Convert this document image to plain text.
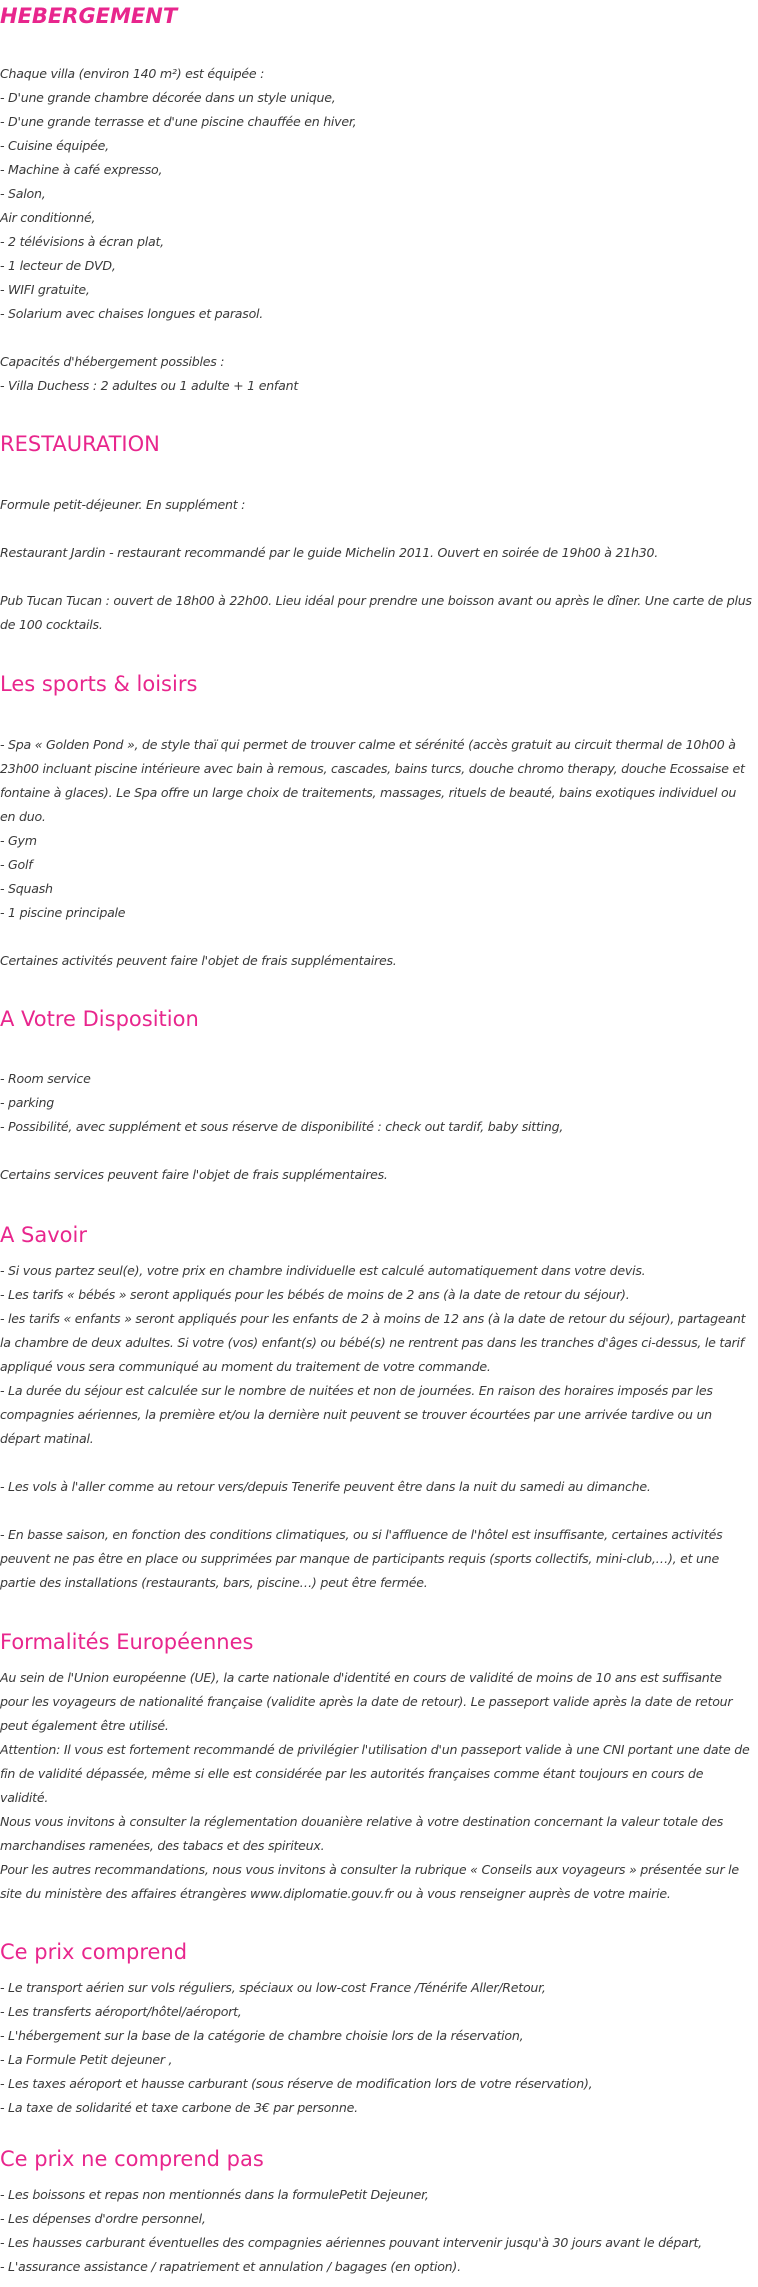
HEBERGEMENT

Chaque villa (environ 140 m²) est équipée :
- D'une grande chambre décorée dans un style unique,
- D'une grande terrasse et d'une piscine chauffée en hiver,
- Cuisine équipée,
- Machine à café expresso,
- Salon,
Air conditionné,
- 2 télévisions à écran plat,
- 1 lecteur de DVD,
- WIFI gratuite,
- Solarium avec chaises longues et parasol.

Capacités d'hébergement possibles :
- Villa Duchess : 2 adultes ou 1 adulte + 1 enfant

RESTAURATION

Formule petit-déjeuner. En supplément :

Restaurant Jardin - restaurant recommandé par le guide Michelin 2011. Ouvert en soirée de 19h00 à 21h30.

Pub Tucan Tucan : ouvert de 18h00 à 22h00. Lieu idéal pour prendre une boisson avant ou après le dîner. Une carte de plus de 100 cocktails.

Les sports & loisirs

- Spa « Golden Pond », de style thaï qui permet de trouver calme et sérénité (accès gratuit au circuit thermal de 10h00 à 23h00 incluant piscine intérieure avec bain à remous, cascades, bains turcs, douche chromo therapy, douche Ecossaise et fontaine à glaces). Le Spa offre un large choix de traitements, massages, rituels de beauté, bains exotiques individuel ou en duo.
- Gym
- Golf
- Squash
- 1 piscine principale

Certaines activités peuvent faire l'objet de frais supplémentaires.

A Votre Disposition

- Room service
- parking
- Possibilité, avec supplément et sous réserve de disponibilité : check out tardif, baby sitting,

Certains services peuvent faire l'objet de frais supplémentaires.

A Savoir

- Si vous partez seul(e), votre prix en chambre individuelle est calculé automatiquement dans votre devis.
- Les tarifs « bébés » seront appliqués pour les bébés de moins de 2 ans (à la date de retour du séjour).
- les tarifs « enfants » seront appliqués pour les enfants de 2 à moins de 12 ans (à la date de retour du séjour), partageant la chambre de deux adultes. Si votre (vos) enfant(s) ou bébé(s) ne rentrent pas dans les tranches d'âges ci-dessus, le tarif appliqué vous sera communiqué au moment du traitement de votre commande.
- La durée du séjour est calculée sur le nombre de nuitées et non de journées. En raison des horaires imposés par les compagnies aériennes, la première et/ou la dernière nuit peuvent se trouver écourtées par une arrivée tardive ou un départ matinal.

- Les vols à l'aller comme au retour vers/depuis Tenerife peuvent être dans la nuit du samedi au dimanche.

- En basse saison, en fonction des conditions climatiques, ou si l'affluence de l'hôtel est insuffisante, certaines activités peuvent ne pas être en place ou supprimées par manque de participants requis (sports collectifs, mini-club,…), et une partie des installations (restaurants, bars, piscine…) peut être fermée.

Formalités Européennes

Au sein de l'Union européenne (UE), la carte nationale d'identité en cours de validité de moins de 10 ans est suffisante pour les voyageurs de nationalité française (validite après la date de retour). Le passeport valide après la date de retour peut également être utilisé.
Attention: Il vous est fortement recommandé de privilégier l'utilisation d'un passeport valide à une CNI portant une date de fin de validité dépassée, même si elle est considérée par les autorités françaises comme étant toujours en cours de validité.
Nous vous invitons à consulter la réglementation douanière relative à votre destination concernant la valeur totale des marchandises ramenées, des tabacs et des spiriteux.
Pour les autres recommandations, nous vous invitons à consulter la rubrique « Conseils aux voyageurs » présentée sur le site du ministère des affaires étrangères www.diplomatie.gouv.fr ou à vous renseigner auprès de votre mairie.

Ce prix comprend

- Le transport aérien sur vols réguliers, spéciaux ou low-cost France /Ténérife Aller/Retour,
- Les transferts aéroport/hôtel/aéroport,
- L'hébergement sur la base de la catégorie de chambre choisie lors de la réservation,
- La Formule Petit dejeuner ,
- Les taxes aéroport et hausse carburant (sous réserve de modification lors de votre réservation),
- La taxe de solidarité et taxe carbone de 3€ par personne.

Ce prix ne comprend pas

- Les boissons et repas non mentionnés dans la formulePetit Dejeuner,
- Les dépenses d'ordre personnel,
- Les hausses carburant éventuelles des compagnies aériennes pouvant intervenir jusqu'à 30 jours avant le départ,
- L'assurance assistance / rapatriement et annulation / bagages (en option).
